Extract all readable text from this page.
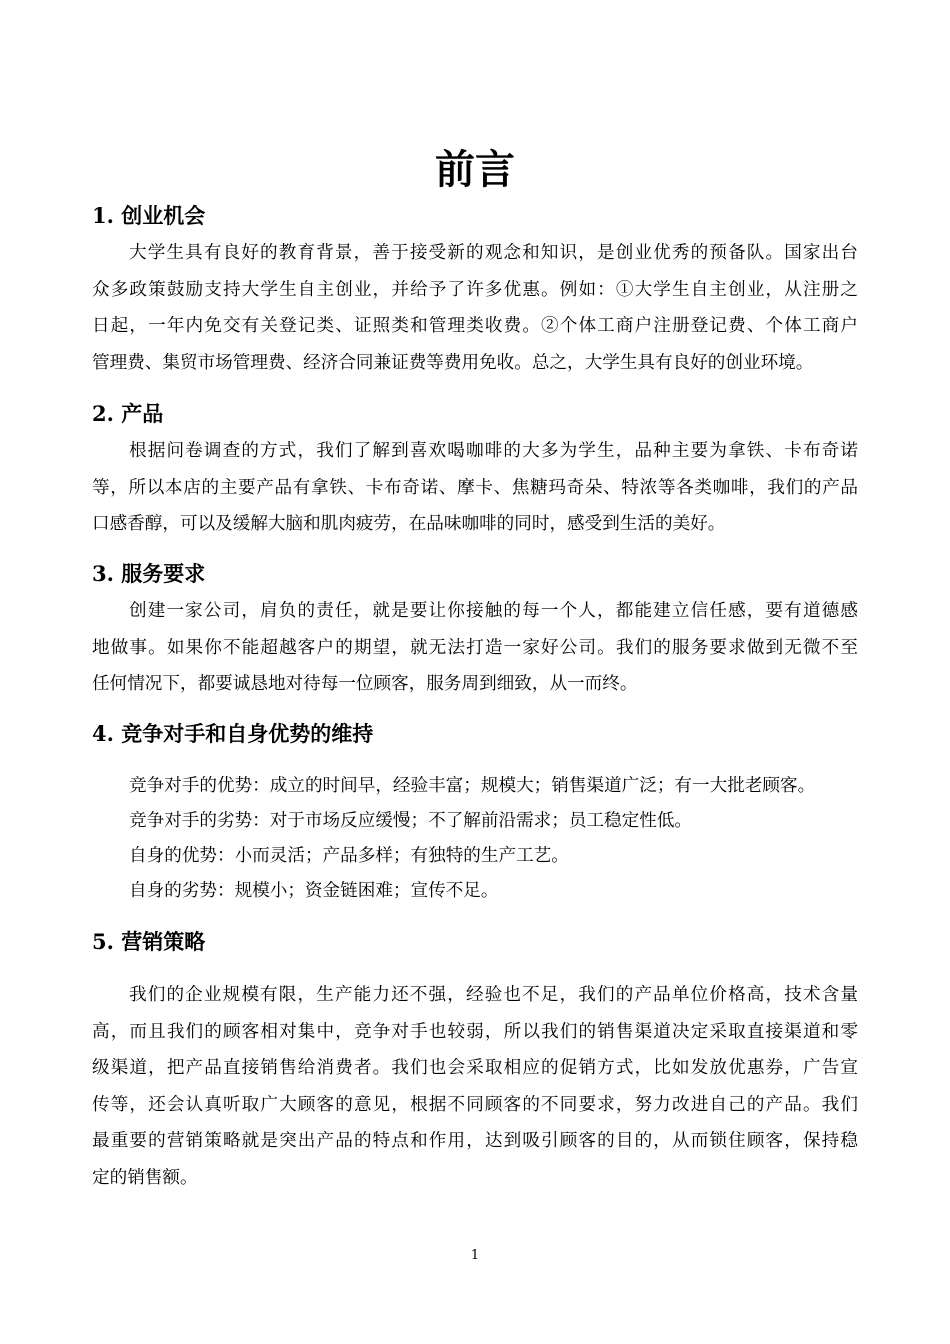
前言
1. 创业机会
大学生具有良好的教育背景，善于接受新的观念和知识，是创业优秀的预备队。国家出台
众多政策鼓励支持大学生自主创业，并给予了许多优惠。例如：①大学生自主创业，从注册之
日起，一年内免交有关登记类、证照类和管理类收费。②个体工商户注册登记费、个体工商户
管理费、集贸市场管理费、经济合同兼证费等费用免收。总之，大学生具有良好的创业环境。
2. 产品
根据问卷调查的方式，我们了解到喜欢喝咖啡的大多为学生，品种主要为拿铁、卡布奇诺
等，所以本店的主要产品有拿铁、卡布奇诺、摩卡、焦糖玛奇朵、特浓等各类咖啡，我们的产品
口感香醇，可以及缓解大脑和肌肉疲劳，在品味咖啡的同时，感受到生活的美好。
3. 服务要求
创建一家公司，肩负的责任，就是要让你接触的每一个人，都能建立信任感，要有道德感
地做事。如果你不能超越客户的期望，就无法打造一家好公司。我们的服务要求做到无微不至
任何情况下，都要诚恳地对待每一位顾客，服务周到细致，从一而终。
4. 竞争对手和自身优势的维持
竞争对手的优势：成立的时间早，经验丰富；规模大；销售渠道广泛；有一大批老顾客。
竞争对手的劣势：对于市场反应缓慢；不了解前沿需求；员工稳定性低。
自身的优势：小而灵活；产品多样；有独特的生产工艺。
自身的劣势：规模小；资金链困难；宣传不足。
5. 营销策略
我们的企业规模有限，生产能力还不强，经验也不足，我们的产品单位价格高，技术含量
高，而且我们的顾客相对集中，竞争对手也较弱，所以我们的销售渠道决定采取直接渠道和零
级渠道，把产品直接销售给消费者。我们也会采取相应的促销方式，比如发放优惠券，广告宣
传等，还会认真听取广大顾客的意见，根据不同顾客的不同要求，努力改进自己的产品。我们
最重要的营销策略就是突出产品的特点和作用，达到吸引顾客的目的，从而锁住顾客，保持稳
定的销售额。
1
